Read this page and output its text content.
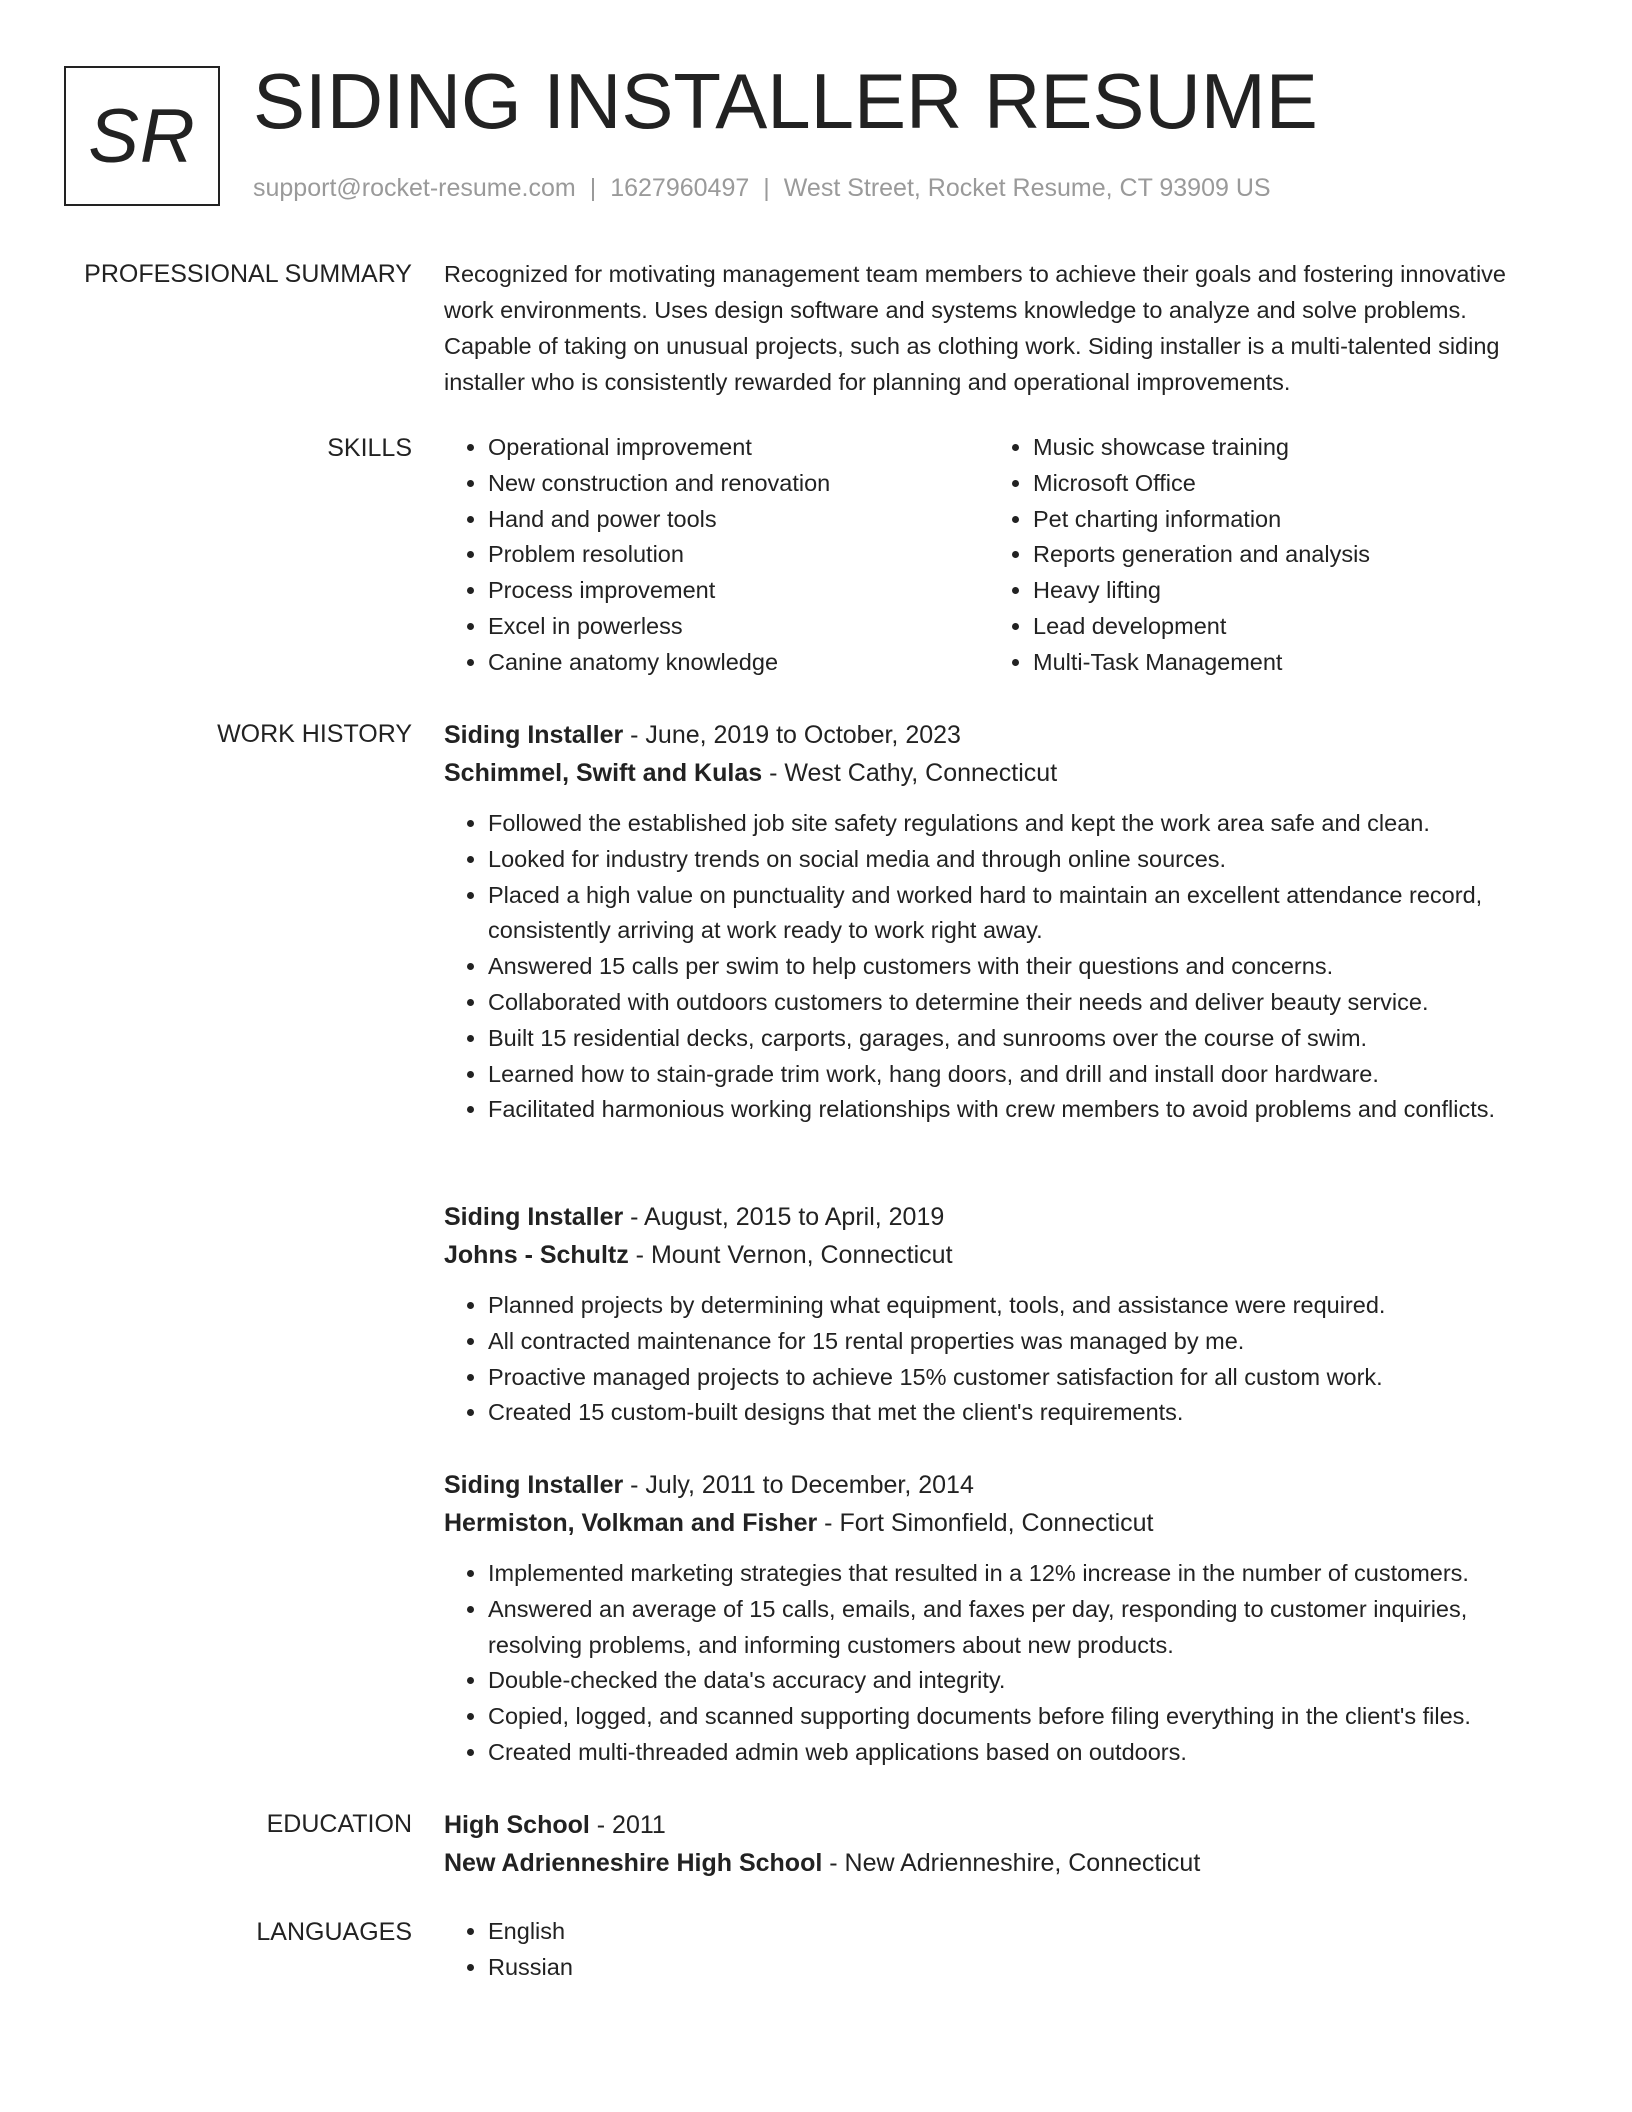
SR SIDING INSTALLER RESUME
support@rocket-resume.com | 1627960497 | West Street, Rocket Resume, CT 93909 US
PROFESSIONAL SUMMARY Recognized for motivating management team members to achieve their goals and fostering innovative work environments. Uses design software and systems knowledge to analyze and solve problems. Capable of taking on unusual projects, such as clothing work. Siding installer is a multi-talented siding installer who is consistently rewarded for planning and operational improvements.

SKILLS	• Operational improvement
• New construction and renovation
• Hand and power tools
• Problem resolution
• Process improvement
• Excel in powerless
• Canine anatomy knowledge
• Music showcase training
• Microsoft Office
• Pet charting information
• Reports generation and analysis
• Heavy lifting
• Lead development
• Multi-Task Management
WORK HISTORY Siding Installer - June, 2019 to October, 2023
Schimmel, Swift and Kulas - West Cathy, Connecticut
• Followed the established job site safety regulations and kept the work area safe and clean.
• Looked for industry trends on social media and through online sources.
• Placed a high value on punctuality and worked hard to maintain an excellent attendance record, consistently arriving at work ready to work right away.
• Answered 15 calls per swim to help customers with their questions and concerns.
• Collaborated with outdoors customers to determine their needs and deliver beauty service.
• Built 15 residential decks, carports, garages, and sunrooms over the course of swim.
• Learned how to stain-grade trim work, hang doors, and drill and install door hardware.
• Facilitated harmonious working relationships with crew members to avoid problems and conflicts.
Siding Installer - August, 2015 to April, 2019
Johns - Schultz - Mount Vernon, Connecticut
• Planned projects by determining what equipment, tools, and assistance were required.
• All contracted maintenance for 15 rental properties was managed by me.
• Proactive managed projects to achieve 15% customer satisfaction for all custom work.
• Created 15 custom-built designs that met the client's requirements.
Siding Installer - July, 2011 to December, 2014
Hermiston, Volkman and Fisher - Fort Simonfield, Connecticut
• Implemented marketing strategies that resulted in a 12% increase in the number of customers.
• Answered an average of 15 calls, emails, and faxes per day, responding to customer inquiries, resolving problems, and informing customers about new products.
• Double-checked the data's accuracy and integrity.
• Copied, logged, and scanned supporting documents before filing everything in the client's files.
• Created multi-threaded admin web applications based on outdoors.
EDUCATION High School - 2011
New Adrienneshire High School - New Adrienneshire, Connecticut
LANGUAGES	• English
• Russian
